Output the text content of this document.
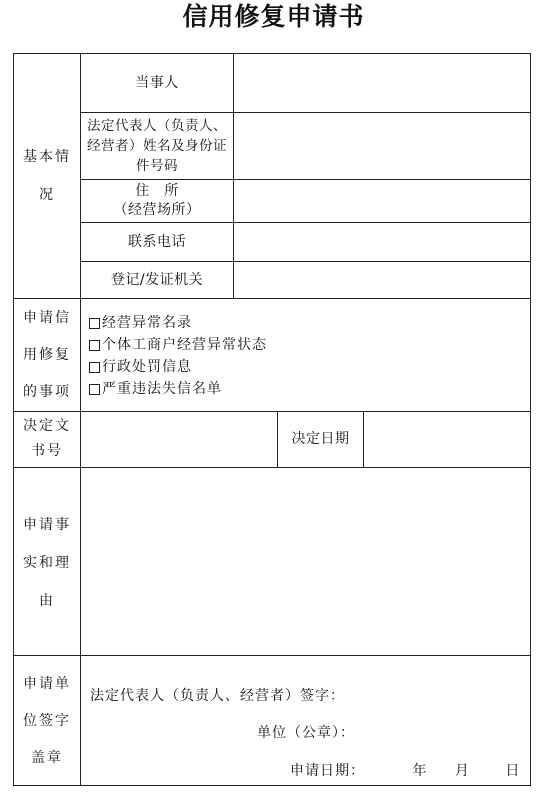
信用修复申请书
基本情
况
当事人
法定代表人（负责人、经营者）姓名及身份证件号码
住　所
（经营场所）
联系电话
登记/发证机关
申请信
用修复
的事项
经营异常名录
个体工商户经营异常状态
行政处罚信息
严重违法失信名单
决定文
书号
决定日期
申请事
实和理
由
申请单
位签字
盖章
法定代表人（负责人、经营者）签字：
单位（公章）：
申请日期：	年 月	日
